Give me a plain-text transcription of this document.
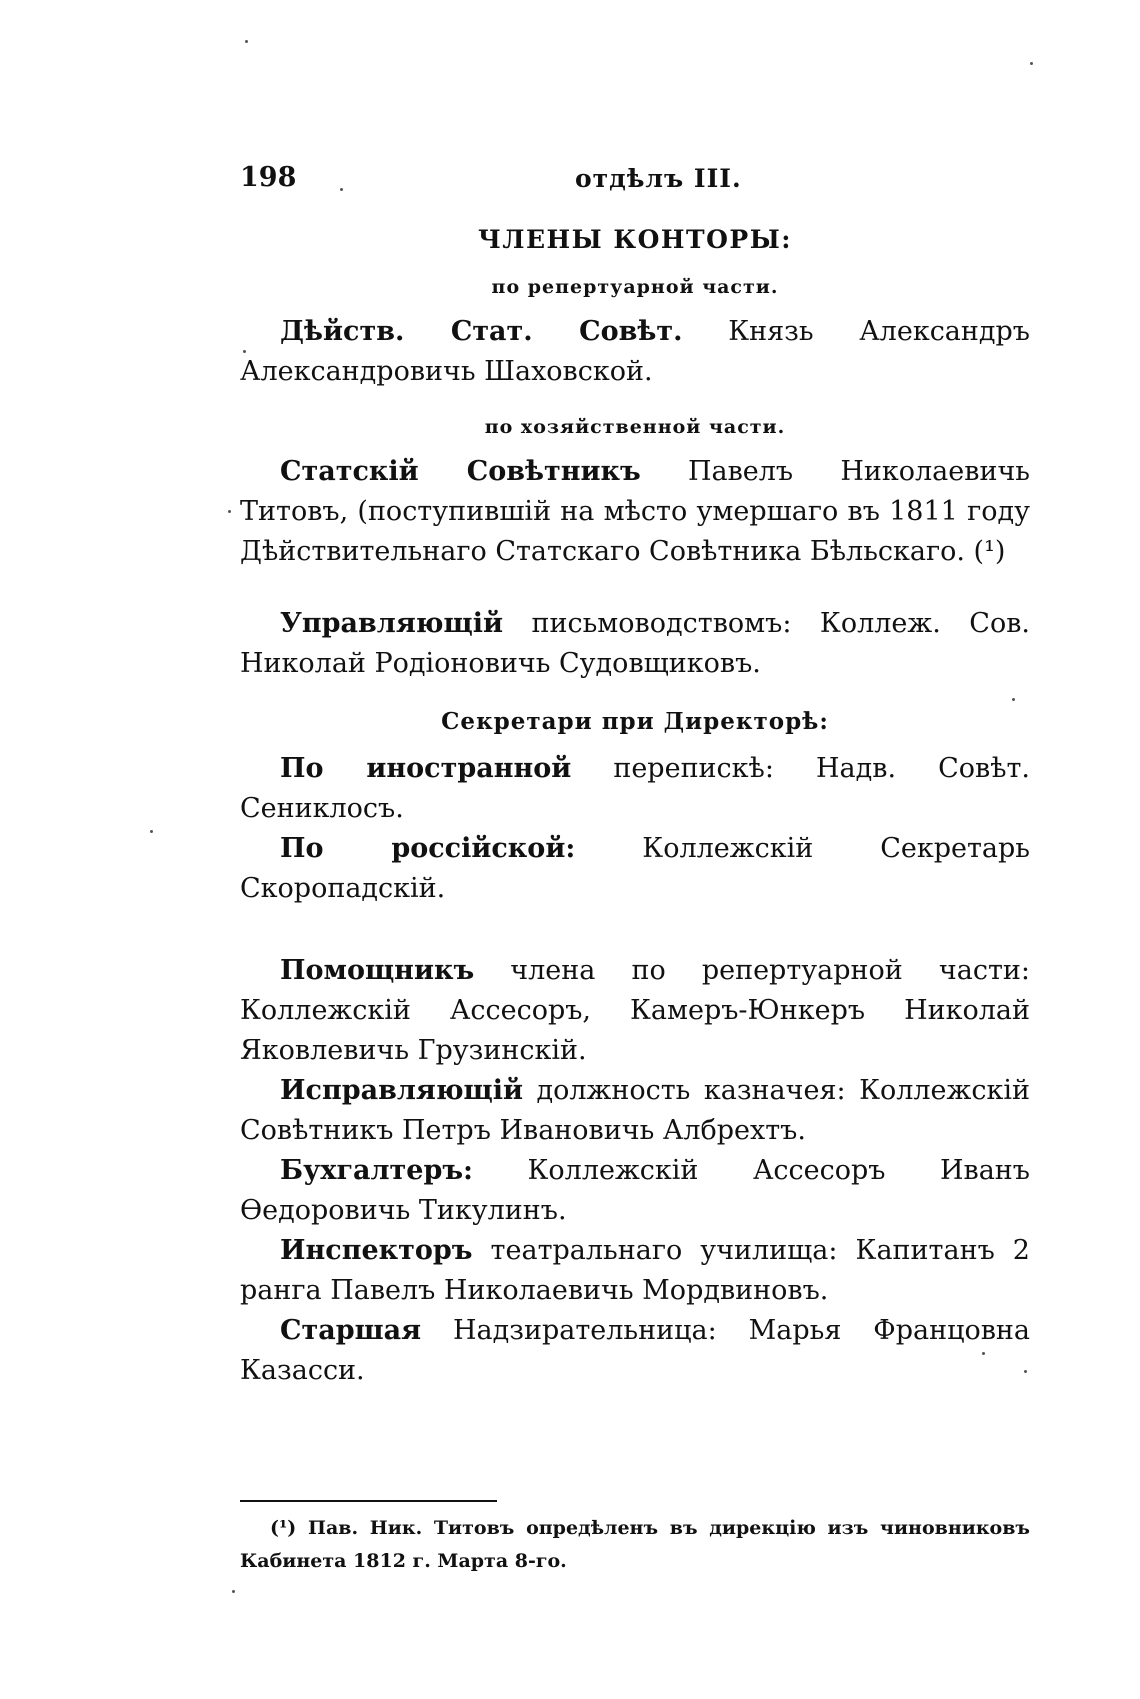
198	отдѣлъ III.
ЧЛЕНЫ КОНТОРЫ:
по репертуарной части.

Дѣйств. Стат. Совѣт. Князь Александръ Александровичь Шаховской.

по хозяйственной части.

Статскій Совѣтникъ Павелъ Николаевичь Титовъ, (поступившій на мѣсто умершаго въ 1811 году Дѣйствительнаго Статскаго Совѣтника Бѣльскаго. (¹)

Управляющій письмоводствомъ: Коллеж. Сов. Николай Родіоновичь Судовщиковъ.

Секретари при Директорѣ:

По иностранной перепискѣ: Надв. Совѣт. Сениклосъ.

По россійской: Коллежскій Секретарь Скоропадскій.

Помощникъ члена по репертуарной части: Коллежскій Ассесоръ, Камеръ-Юнкеръ Николай Яковлевичь Грузинскій.

Исправляющій должность казначея: Коллежскій Совѣтникъ Петръ Ивановичь Албрехтъ.

Бухгалтеръ: Коллежскій Ассесоръ Иванъ Ѳедоровичь Тикулинъ.

Инспекторъ театральнаго училища: Капитанъ 2 ранга Павелъ Николаевичь Мордвиновъ.

Старшая Надзирательница: Марья Францовна Казасси.

(¹) Пав. Ник. Титовъ опредѣленъ въ дирекцію изъ чиновниковъ Кабинета 1812 г. Марта 8-го.
